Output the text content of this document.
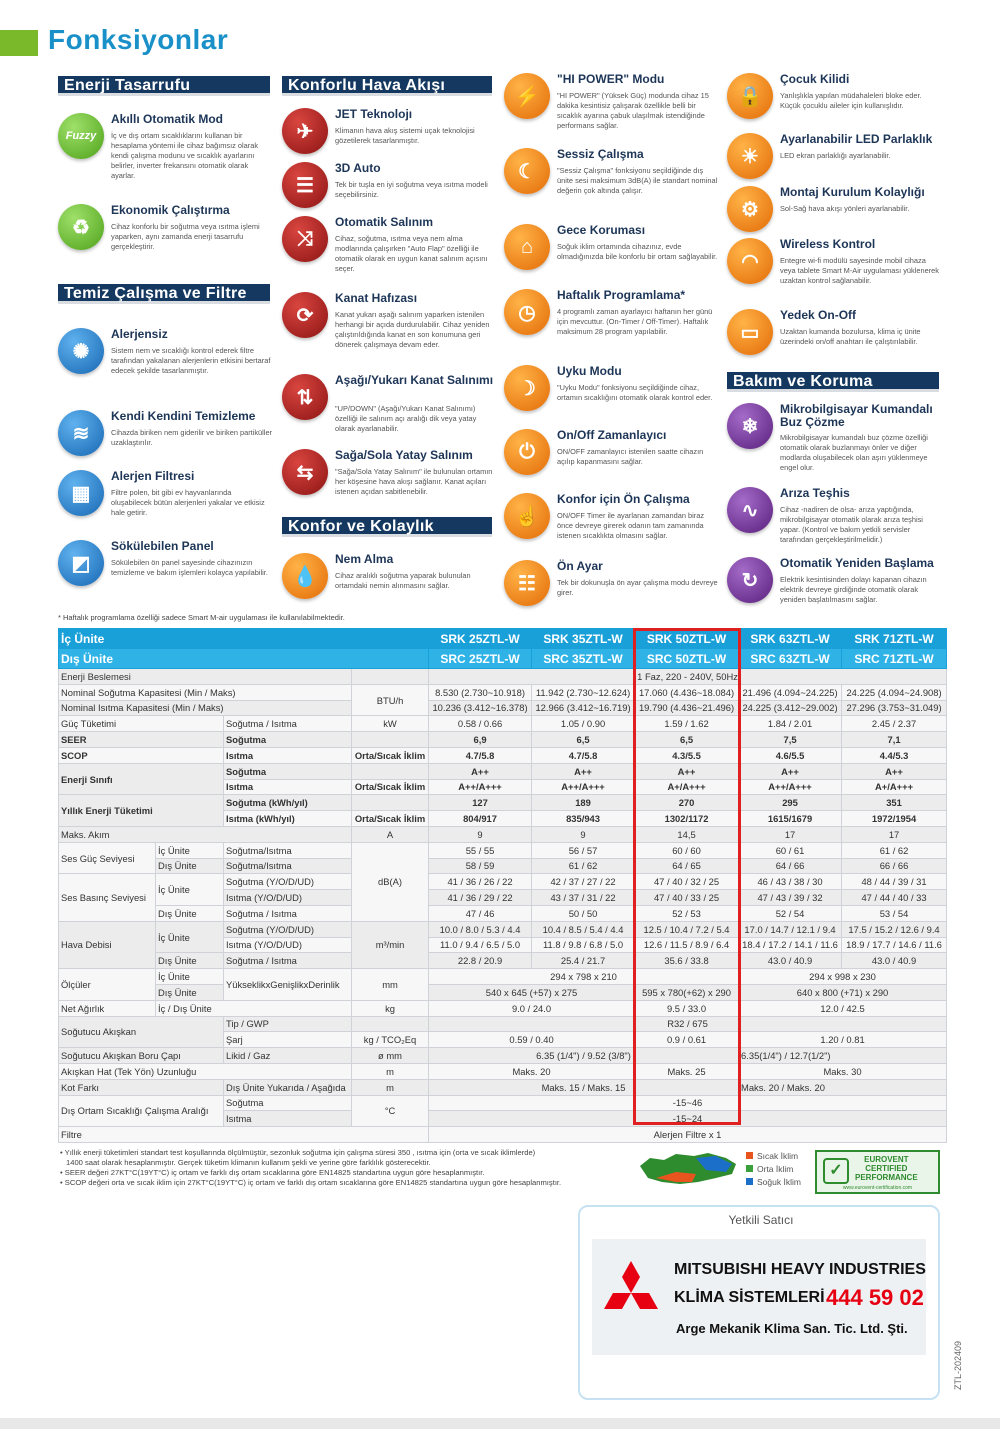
Fonksiyonlar
Enerji Tasarrufu
Fuzzy
Akıllı Otomatik Mod
İç ve dış ortam sıcaklıklarını kullanan bir hesaplama yöntemi ile cihaz bağımsız olarak kendi çalışma modunu ve sıcaklık ayarlarını belirler, inverter frekansını otomatik olarak ayarlar.
♻
Ekonomik Çalıştırma
Cihaz konforlu bir soğutma veya ısıtma işlemi yaparken, aynı zamanda enerji tasarrufu gerçekleştirir.
Temiz Çalışma ve Filtre
✺
Alerjensiz
Sistem nem ve sıcaklığı kontrol ederek filtre tarafından yakalanan alerjenlerin etkisini bertaraf edecek şekilde tasarlanmıştır.
≋
Kendi Kendini Temizleme
Cihazda biriken nem giderilir ve biriken partiküller uzaklaştırılır.
▦
Alerjen Filtresi
Filtre polen, bit gibi ev hayvanlarında oluşabilecek bütün alerjenleri yakalar ve etkisiz hale getirir.
◩
Sökülebilen Panel
Sökülebilen ön panel sayesinde cihazınızın temizleme ve bakım işlemleri kolayca yapılabilir.
Konforlu Hava Akışı
✈
JET Teknolojı
Klimanın hava akış sistemi uçak teknolojisi gözetilerek tasarlanmıştır.
☰
3D Auto
Tek bir tuşla en iyi soğutma veya ısıtma modeli seçebilirsiniz.
⤨
Otomatik Salınım
Cihaz, soğutma, ısıtma veya nem alma modlarında çalışırken "Auto Flap" özelliği ile otomatik olarak en uygun kanat salınım açısını seçer.
⟳
Kanat Hafızası
Kanat yukarı aşağı salınım yaparken istenilen herhangi bir açıda durdurulabilir. Cihaz yeniden çalıştırıldığında kanat en son konumuna geri dönerek çalışmaya devam eder.
⇅
Aşağı/Yukarı Kanat Salınımı
"UP/DOWN" (Aşağı/Yukarı Kanat Salınımı) özelliği ile salınım açı aralığı dik veya yatay olarak ayarlanabilir.
⇆
Sağa/Sola Yatay Salınım
"Sağa/Sola Yatay Salınım" ile bulunulan ortamın her köşesine hava akışı sağlanır. Kanat açıları istenen açıdan sabitlenebilir.
Konfor ve Kolaylık
💧
Nem Alma
Cihaz aralıklı soğutma yaparak bulunulan ortamdaki nemin alınmasını sağlar.
⚡
"HI POWER" Modu
"HI POWER" (Yüksek Güç) modunda cihaz 15 dakika kesintisiz çalışarak özellikle belli bir sıcaklık ayarına çabuk ulaşılmak istendiğinde performans sağlar.
☾
Sessiz Çalışma
"Sessiz Çalışma" fonksiyonu seçildiğinde dış ünite sesi maksimum 3dB(A) ile standart nominal değerin çok altında çalışır.
⌂
Gece Koruması
Soğuk iklim ortamında cihazınız, evde olmadığınızda bile konforlu bir ortam sağlayabilir.
◷
Haftalık Programlama*
4 programlı zaman ayarlayıcı haftanın her günü için mevcuttur. (On-Timer / Off-Timer). Haftalık maksimum 28 program yapılabilir.
☽
Uyku Modu
"Uyku Modu" fonksiyonu seçildiğinde cihaz, ortamın sıcaklığını otomatik olarak kontrol eder.
⏻
On/Off Zamanlayıcı
ON/OFF zamanlayıcı istenilen saatte cihazın açılıp kapanmasını sağlar.
☝
Konfor için Ön Çalışma
ON/OFF Timer ile ayarlanan zamandan biraz önce devreye girerek odanın tam zamanında istenen sıcaklıkta olmasını sağlar.
☷
Ön Ayar
Tek bir dokunuşla ön ayar çalışma modu devreye girer.
🔒
Çocuk Kilidi
Yanlışlıkla yapılan müdahaleleri bloke eder. Küçük çocuklu aileler için kullanışlıdır.
☀
Ayarlanabilir LED Parlaklık
LED ekran parlaklığı ayarlanabilir.
⚙
Montaj Kurulum Kolaylığı
Sol-Sağ hava akışı yönleri ayarlanabilir.
◠
Wireless Kontrol
Entegre wi-fi modülü sayesinde mobil cihaza veya tablete Smart M-Air uygulaması yüklenerek uzaktan kontrol sağlanabilir.
▭
Yedek On-Off
Uzaktan kumanda bozulursa, klima iç ünite üzerindeki on/off anahtarı ile çalıştırılabilir.
Bakım ve Koruma
❄
Mikrobilgisayar Kumandalı Buz Çözme
Mikrobilgisayar kumandalı buz çözme özelliği otomatik olarak buzlanmayı önler ve diğer modlarda oluşabilecek olan aşırı yüklenmeye engel olur.
∿
Arıza Teşhis
Cihaz -nadiren de olsa- arıza yaptığında, mikrobilgisayar otomatik olarak arıza teşhisi yapar. (Kontrol ve bakım yetkili servisler tarafından gerçekleştirilmelidir.)
↻
Otomatik Yeniden Başlama
Elektrik kesintisinden dolayı kapanan cihazın elektrik devreye girdiğinde otomatik olarak yeniden başlatılmasını sağlar.
* Haftalık programlama özelliği sadece Smart M-air uygulaması ile kullanılabilmektedir.
İç Ünite				SRK 25ZTL-W	SRK 35ZTL-W	SRK 50ZTL-W	SRK 63ZTL-W	SRK 71ZTL-W
Dış Ünite				SRC 25ZTL-W	SRC 35ZTL-W	SRC 50ZTL-W	SRC 63ZTL-W	SRC 71ZTL-W
Enerji Beslemesi				1 Faz, 220 - 240V, 50Hz				
Nominal Soğutma Kapasitesi (Min / Maks)			BTU/h	8.530 (2.730~10.918)	11.942 (2.730~12.624)	17.060 (4.436~18.084)	21.496 (4.094~24.225)	24.225 (4.094~24.908)
Nominal Isıtma Kapasitesi (Min / Maks)				10.236 (3.412~16.378)	12.966 (3.412~16.719)	19.790 (4.436~21.496)	24.225 (3.412~29.002)	27.296 (3.753~31.049)
Güç Tüketimi		Soğutma / Isıtma	kW	0.58 / 0.66	1.05 / 0.90	1.59 / 1.62	1.84 / 2.01	2.45 / 2.37
SEER		Soğutma		6,9	6,5	6,5	7,5	7,1
SCOP		Isıtma	Orta/Sıcak İklim	4.7/5.8	4.7/5.8	4.3/5.5	4.6/5.5	4.4/5.3
Enerji Sınıfı		Soğutma		A++	A++	A++	A++	A++
		Isıtma	Orta/Sıcak İklim	A++/A+++	A++/A+++	A+/A+++	A++/A+++	A+/A+++
Yıllık Enerji Tüketimi		Soğutma (kWh/yıl)		127	189	270	295	351
		Isıtma (kWh/yıl)	Orta/Sıcak İklim	804/917	835/943	1302/1172	1615/1679	1972/1954
Maks. Akım			A	9	9	14,5	17	17
Ses Güç Seviyesi	İç Ünite	Soğutma/Isıtma	dB(A)	55 / 55	56 / 57	60 / 60	60 / 61	61 / 62
	Dış Ünite	Soğutma/Isıtma		58 / 59	61 / 62	64 / 65	64 / 66	66 / 66
Ses Basınç Seviyesi	İç Ünite	Soğutma (Y/O/D/UD)		41 / 36 / 26 / 22	42 / 37 / 27 / 22	47 / 40 / 32 / 25	46 / 43 / 38 / 30	48 / 44 / 39 / 31
		Isıtma (Y/O/D/UD)		41 / 36 / 29 / 22	43 / 37 / 31 / 22	47 / 40 / 33 / 25	47 / 43 / 39 / 32	47 / 44 / 40 / 33
	Dış Ünite	Soğutma / Isıtma		47 / 46	50 / 50	52 / 53	52 / 54	53 / 54
Hava Debisi	İç Ünite	Soğutma (Y/O/D/UD)	m³/min	10.0 / 8.0 / 5.3 / 4.4	10.4 / 8.5 / 5.4 / 4.4	12.5 / 10.4 / 7.2 / 5.4	17.0 / 14.7 / 12.1 / 9.4	17.5 / 15.2 / 12.6 / 9.4
		Isıtma (Y/O/D/UD)		11.0 / 9.4 / 6.5 / 5.0	11.8 / 9.8 / 6.8 / 5.0	12.6 / 11.5 / 8.9 / 6.4	18.4 / 17.2 / 14.1 / 11.6	18.9 / 17.7 / 14.6 / 11.6
	Dış Ünite	Soğutma / Isıtma		22.8 / 20.9	25.4 / 21.7	35.6 / 33.8	43.0 / 40.9	43.0 / 40.9
Ölçüler	İç Ünite	YükseklikxGenişlikxDerinlik	mm	294 x 798 x 210			294 x 998 x 230	
	Dış Ünite			540 x 645 (+57) x 275		595 x 780(+62) x 290	640 x 800 (+71) x 290	
Net Ağırlık	İç / Dış Ünite		kg	9.0 / 24.0		9.5 / 33.0	12.0 / 42.5	
Soğutucu Akışkan		Tip / GWP		R32 / 675				
		Şarj	kg / TCO₂Eq	0.59 / 0.40		0.9 / 0.61	1.20 / 0.81	
Soğutucu Akışkan Boru Çapı		Likid / Gaz	ø mm	6.35 (1/4") / 9.52 (3/8")			6.35(1/4") / 12.7(1/2")	
Akışkan Hat (Tek Yön) Uzunluğu			m	Maks. 20		Maks. 25	Maks. 30	
Kot Farkı		Dış Ünite Yukarıda / Aşağıda	m	Maks. 15 / Maks. 15			Maks. 20 / Maks. 20	
Dış Ortam Sıcaklığı Çalışma Aralığı		Soğutma	°C	-15~46				
		Isıtma		-15~24				
Filtre				Alerjen Filtre x 1				
• Yıllık enerji tüketimleri standart test koşullarında ölçülmüştür, sezonluk soğutma için çalışma süresi 350 , ısıtma için (orta ve sıcak iklimlerde)
1400 saat olarak hesaplanmıştır. Gerçek tüketim klimanın kullanım şekli ve yerine göre farklılık gösterecektir.
• SEER değeri 27KT°C(19YT°C) iç ortam ve farklı dış ortam sıcaklarına göre EN14825 standartına uygun göre hesaplanmıştır.
• SCOP değeri orta ve sıcak iklim için 27KT°C(19YT°C) iç ortam ve farklı dış ortam sıcaklarına göre EN14825 standartına uygun göre hesaplanmıştır.
Sıcak İklim
Orta İklim
Soğuk İklim
✓
EUROVENT
CERTIFIED
PERFORMANCE
www.eurovent-certification.com
Yetkili Satıcı
MITSUBISHI HEAVY INDUSTRIES
KLİMA SİSTEMLERİ 444 59 02
Arge Mekanik Klima San. Tic. Ltd. Şti.
ZTL-202409
